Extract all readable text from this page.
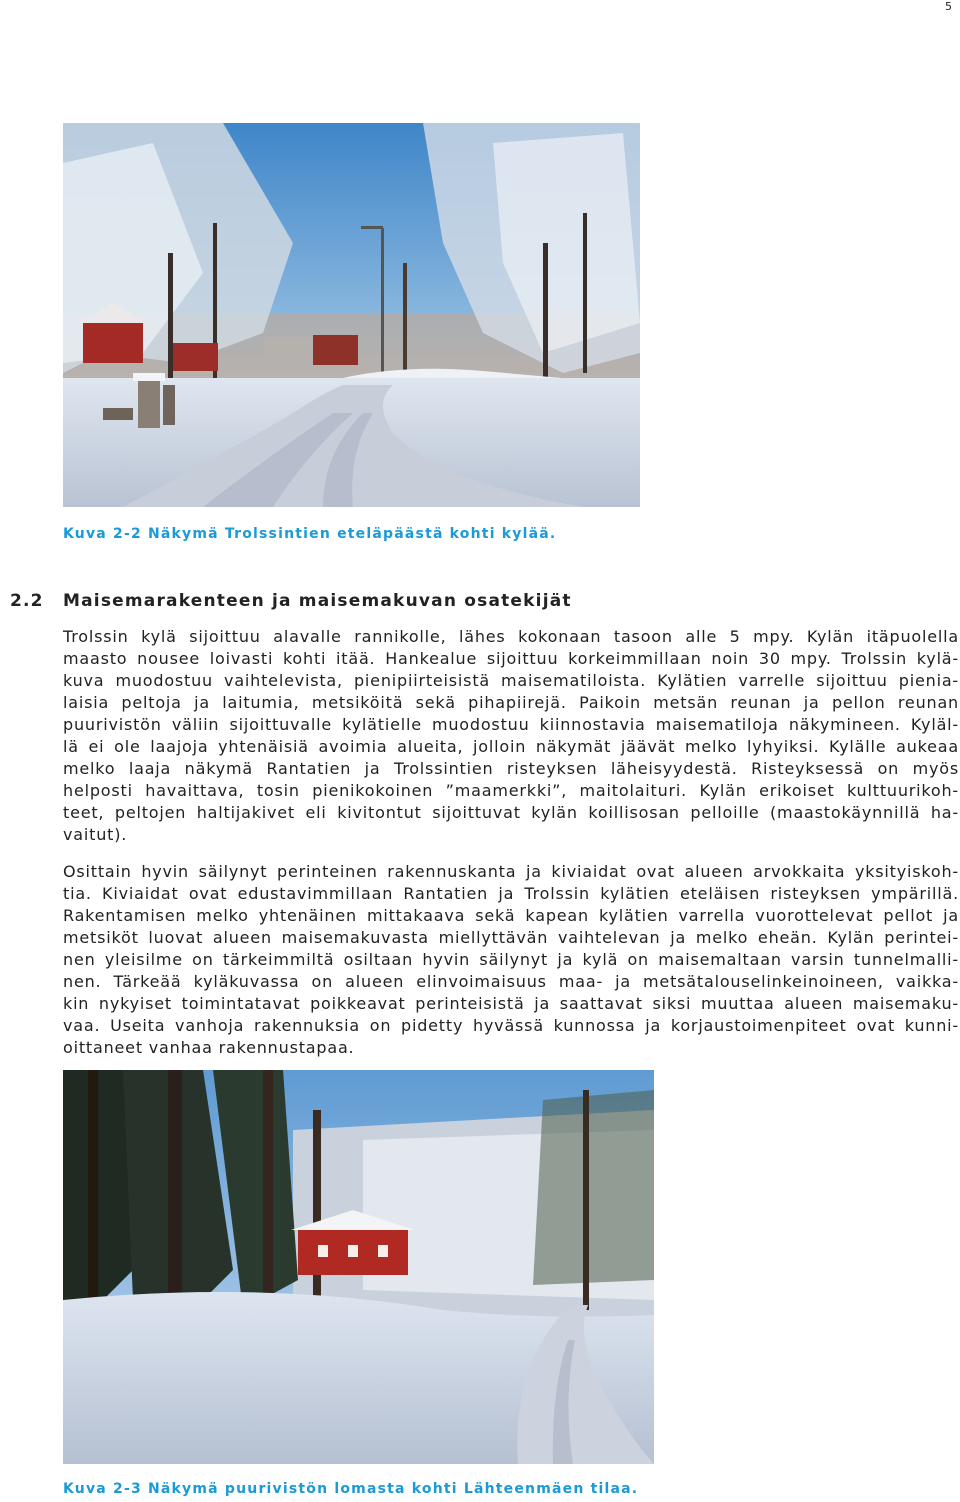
5
Kuva 2-2 Näkymä Trolssintien eteläpäästä kohti kylää.
2.2 Maisemarakenteen ja maisemakuvan osatekijät
Trolssin kylä sijoittuu alavalle rannikolle, lähes kokonaan tasoon alle 5 mpy. Kylän itäpuolella
maasto nousee loivasti kohti itää. Hankealue sijoittuu korkeimmillaan noin 30 mpy. Trolssin kylä-
kuva muodostuu vaihtelevista, pienipiirteisistä maisematiloista. Kylätien varrelle sijoittuu pienia-
laisia peltoja ja laitumia, metsiköitä sekä pihapiirejä. Paikoin metsän reunan ja pellon reunan
puurivistön väliin sijoittuvalle kylätielle muodostuu kiinnostavia maisematiloja näkymineen. Kyläl-
lä ei ole laajoja yhtenäisiä avoimia alueita, jolloin näkymät jäävät melko lyhyiksi. Kylälle aukeaa
melko laaja näkymä Rantatien ja Trolssintien risteyksen läheisyydestä. Risteyksessä on myös
helposti havaittava, tosin pienikokoinen ”maamerkki”, maitolaituri. Kylän erikoiset kulttuurikoh-
teet, peltojen haltijakivet eli kivitontut sijoittuvat kylän koillisosan pelloille (maastokäynnillä ha-
vaitut).
Osittain hyvin säilynyt perinteinen rakennuskanta ja kiviaidat ovat alueen arvokkaita yksityiskoh-
tia. Kiviaidat ovat edustavimmillaan Rantatien ja Trolssin kylätien eteläisen risteyksen ympärillä.
Rakentamisen melko yhtenäinen mittakaava sekä kapean kylätien varrella vuorottelevat pellot ja
metsiköt luovat alueen maisemakuvasta miellyttävän vaihtelevan ja melko eheän. Kylän perintei-
nen yleisilme on tärkeimmiltä osiltaan hyvin säilynyt ja kylä on maisemaltaan varsin tunnelmalli-
nen. Tärkeää kyläkuvassa on alueen elinvoimaisuus maa- ja metsätalouselinkeinoineen, vaikka-
kin nykyiset toimintatavat poikkeavat perinteisistä ja saattavat siksi muuttaa alueen maisemaku-
vaa. Useita vanhoja rakennuksia on pidetty hyvässä kunnossa ja korjaustoimenpiteet ovat kunni-
oittaneet vanhaa rakennustapaa.
Kuva 2-3 Näkymä puurivistön lomasta kohti Lähteenmäen tilaa.
